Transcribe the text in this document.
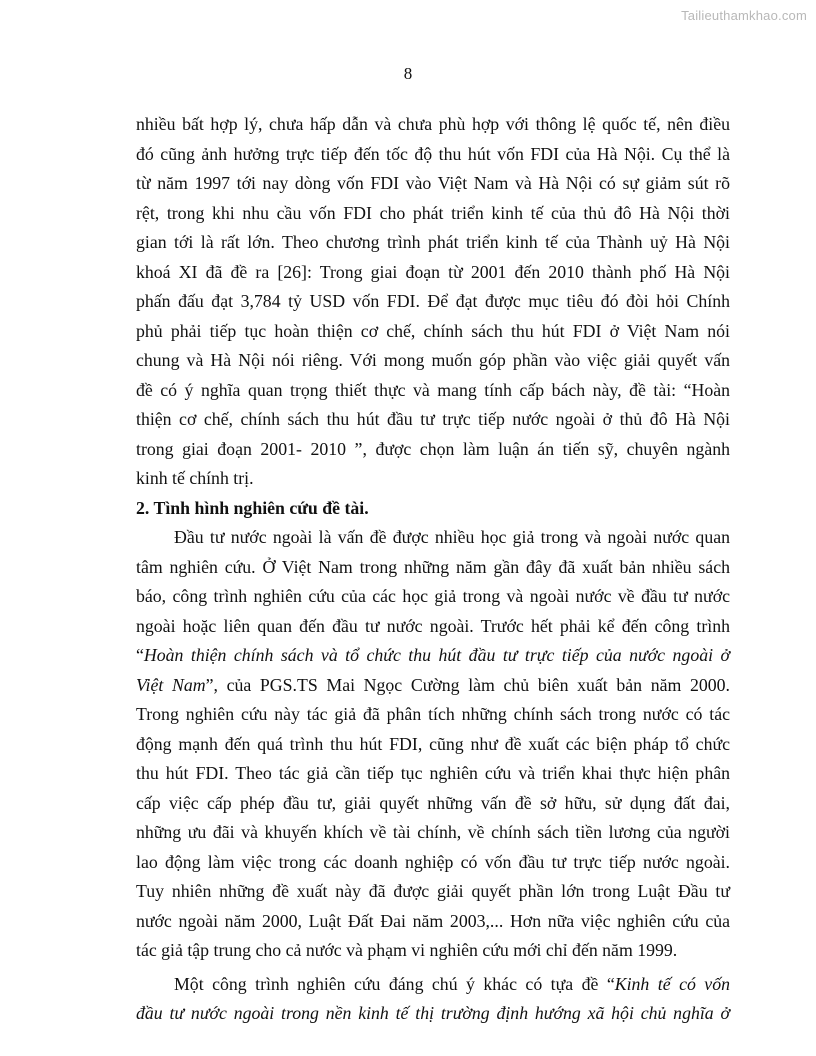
Tailieuthamkhao.com
8
nhiều bất hợp lý, chưa hấp dẫn và chưa phù hợp với thông lệ quốc tế, nên điều
đó cũng ảnh hưởng trực tiếp đến tốc độ thu hút vốn FDI của Hà Nội. Cụ thể là
từ năm 1997 tới nay dòng vốn FDI vào Việt Nam và Hà Nội có sự giảm sút rõ
rệt, trong khi nhu cầu vốn FDI cho phát triển kinh tế của thủ đô Hà Nội thời
gian tới là rất lớn. Theo chương trình phát triển kinh tế của Thành uỷ Hà Nội
khoá XI đã đề ra [26]: Trong giai đoạn từ 2001 đến 2010 thành phố Hà Nội
phấn đấu đạt 3,784 tỷ USD vốn FDI. Để đạt được mục tiêu đó đòi hỏi Chính
phủ phải tiếp tục hoàn thiện cơ chế, chính sách thu hút FDI ở Việt Nam nói
chung và Hà Nội nói riêng. Với mong muốn góp phần vào việc giải quyết vấn
đề có ý nghĩa quan trọng thiết thực và mang tính cấp bách này, đề tài: “Hoàn
thiện cơ chế, chính sách thu hút đầu tư trực tiếp nước ngoài ở thủ đô Hà Nội
trong giai đoạn 2001- 2010 ”, được chọn làm luận án tiến sỹ, chuyên ngành
kinh tế chính trị.
2. Tình hình nghiên cứu đề tài.
Đầu tư nước ngoài là vấn đề được nhiều học giả trong và ngoài nước quan
tâm nghiên cứu. Ở Việt Nam trong những năm gần đây đã xuất bản nhiều sách
báo, công trình nghiên cứu của các học giả trong và ngoài nước về đầu tư nước
ngoài hoặc liên quan đến đầu tư nước ngoài. Trước hết phải kể đến công trình
“Hoàn thiện chính sách và tổ chức thu hút đầu tư trực tiếp của nước ngoài ở
Việt Nam”, của PGS.TS Mai Ngọc Cường làm chủ biên xuất bản năm 2000.
Trong nghiên cứu này tác giả đã phân tích những chính sách trong nước có tác
động mạnh đến quá trình thu hút FDI, cũng như đề xuất các biện pháp tổ chức
thu hút FDI. Theo tác giả cần tiếp tục nghiên cứu và triển khai thực hiện phân
cấp việc cấp phép đầu tư, giải quyết những vấn đề sở hữu, sử dụng đất đai,
những ưu đãi và khuyến khích về tài chính, về chính sách tiền lương của người
lao động làm việc trong các doanh nghiệp có vốn đầu tư trực tiếp nước ngoài.
Tuy nhiên những đề xuất này đã được giải quyết phần lớn trong Luật Đầu tư
nước ngoài năm 2000, Luật Đất Đai năm 2003,... Hơn nữa việc nghiên cứu của
tác giả tập trung cho cả nước và phạm vi nghiên cứu mới chỉ đến năm 1999.
Một công trình nghiên cứu đáng chú ý khác có tựa đề “Kinh tế có vốn
đầu tư nước ngoài trong nền kinh tế thị trường định hướng xã hội chủ nghĩa ở
